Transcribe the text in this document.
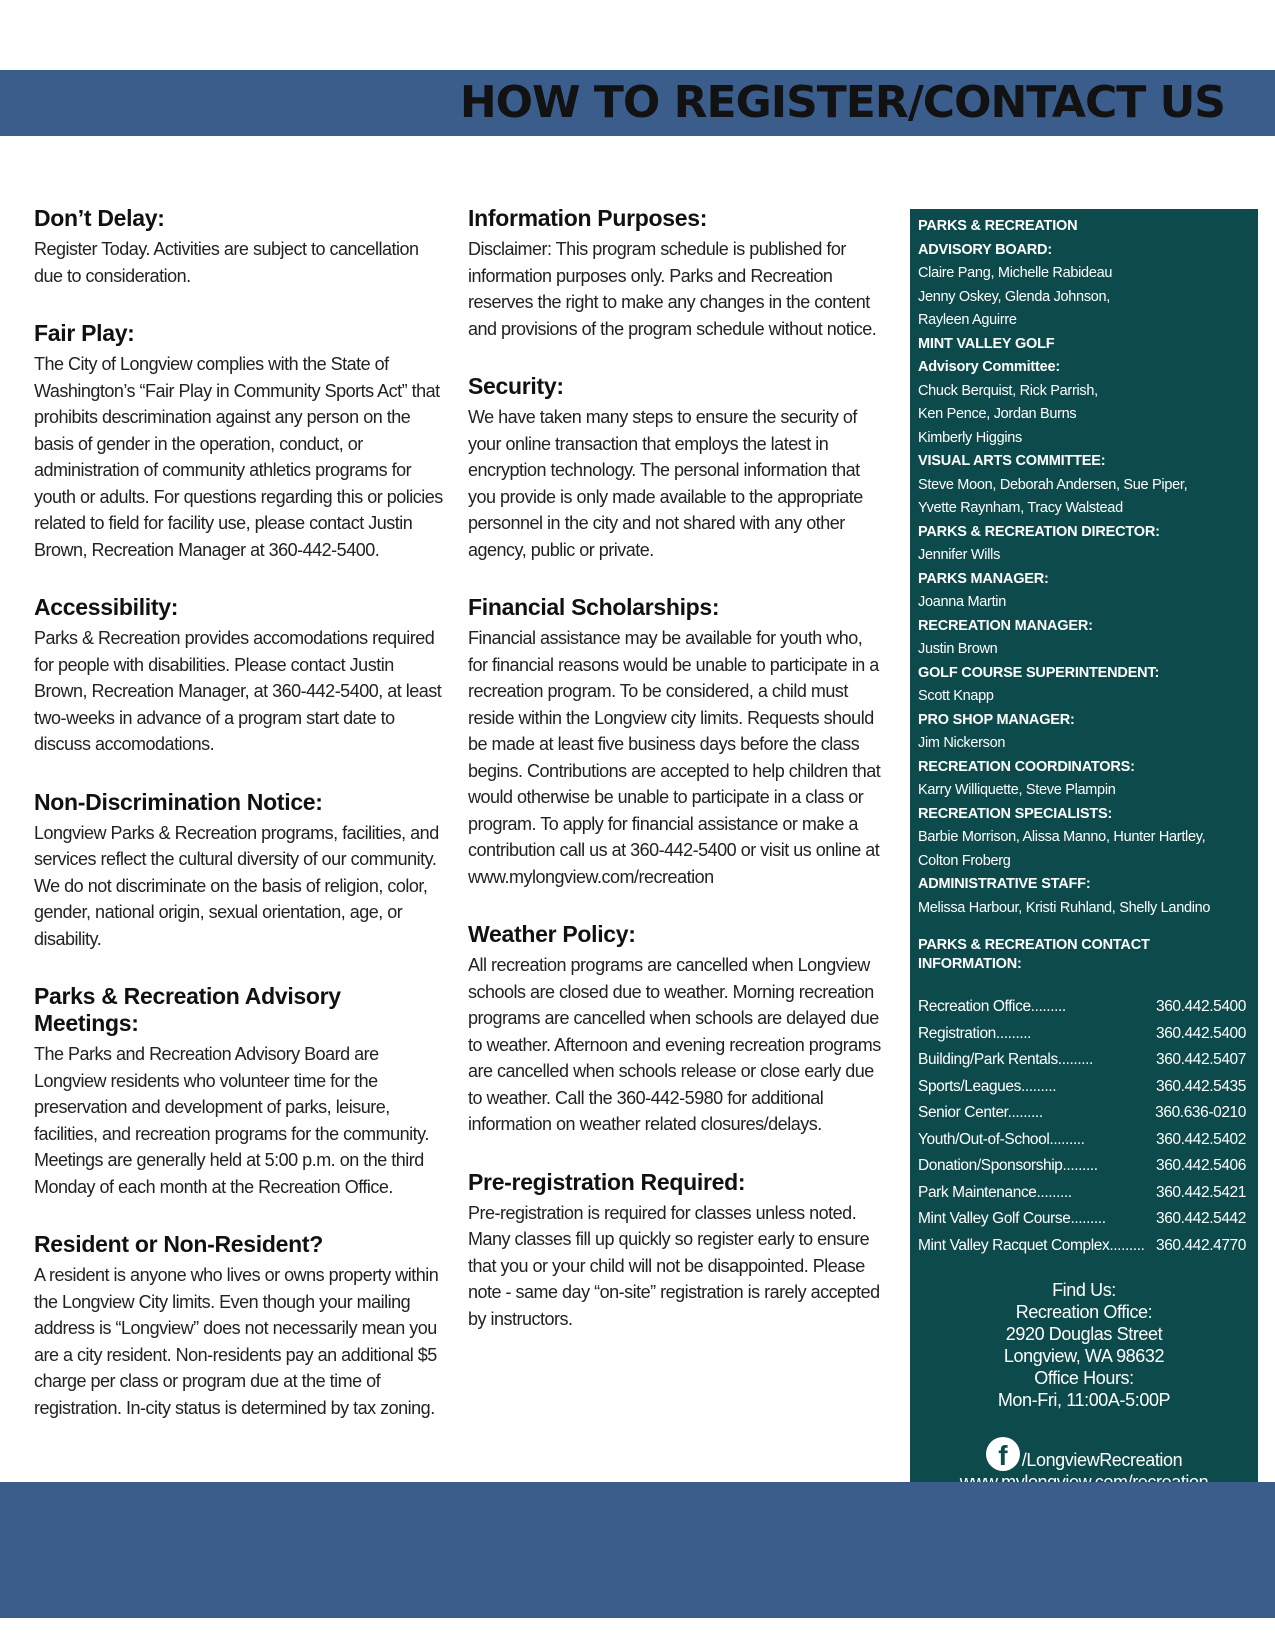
HOW TO REGISTER/CONTACT US
Don’t Delay:

Register Today. Activities are subject to cancellation due to consideration.

Fair Play:

The City of Longview complies with the State of Washington’s “Fair Play in Community Sports Act” that prohibits descrimination against any person on the basis of gender in the operation, conduct, or administration of community athletics programs for youth or adults. For questions regarding this or policies related to field for facility use, please contact Justin Brown, Recreation Manager at 360-442-5400.

Accessibility:

Parks & Recreation provides accomodations required for people with disabilities. Please contact Justin Brown, Recreation Manager, at 360-442-5400, at least two-weeks in advance of a program start date to discuss accomodations.

Non-Discrimination Notice:

Longview Parks & Recreation programs, facilities, and services reflect the cultural diversity of our community. We do not discriminate on the basis of religion, color, gender, national origin, sexual orientation, age, or disability.

Parks & Recreation Advisory Meetings:

The Parks and Recreation Advisory Board are Longview residents who volunteer time for the preservation and development of parks, leisure, facilities, and recreation programs for the community. Meetings are generally held at 5:00 p.m. on the third Monday of each month at the Recreation Office.

Resident or Non-Resident?

A resident is anyone who lives or owns property within the Longview City limits. Even though your mailing address is “Longview” does not necessarily mean you are a city resident. Non-residents pay an additional $5 charge per class or program due at the time of registration. In-city status is determined by tax zoning.

Information Purposes:

Disclaimer: This program schedule is published for information purposes only. Parks and Recreation reserves the right to make any changes in the content and provisions of the program schedule without notice.

Security:

We have taken many steps to ensure the security of your online transaction that employs the latest in encryption technology. The personal information that you provide is only made available to the appropriate personnel in the city and not shared with any other agency, public or private.

Financial Scholarships:

Financial assistance may be available for youth who, for financial reasons would be unable to participate in a recreation program. To be considered, a child must reside within the Longview city limits. Requests should be made at least five business days before the class begins. Contributions are accepted to help children that would otherwise be unable to participate in a class or program. To apply for financial assistance or make a contribution call us at 360-442-5400 or visit us online at www.mylongview.com/recreation

Weather Policy:

All recreation programs are cancelled when Longview schools are closed due to weather. Morning recreation programs are cancelled when schools are delayed due to weather. Afternoon and evening recreation programs are cancelled when schools release or close early due to weather. Call the 360-442-5980 for additional information on weather related closures/delays.

Pre-registration Required:

Pre-registration is required for classes unless noted. Many classes fill up quickly so register early to ensure that you or your child will not be disappointed. Please note - same day “on-site” registration is rarely accepted by instructors.

PARKS & RECREATION
ADVISORY BOARD:
Claire Pang, Michelle Rabideau
Jenny Oskey, Glenda Johnson,
Rayleen Aguirre
MINT VALLEY GOLF
Advisory Committee:
Chuck Berquist, Rick Parrish,
Ken Pence, Jordan Burns
Kimberly Higgins
VISUAL ARTS COMMITTEE:
Steve Moon, Deborah Andersen, Sue Piper,
Yvette Raynham, Tracy Walstead
PARKS & RECREATION DIRECTOR:
Jennifer Wills
PARKS MANAGER:
Joanna Martin
RECREATION MANAGER:
Justin Brown
GOLF COURSE SUPERINTENDENT:
Scott Knapp
PRO SHOP MANAGER:
Jim Nickerson
RECREATION COORDINATORS:
Karry Williquette, Steve Plampin
RECREATION SPECIALISTS:
Barbie Morrison, Alissa Manno, Hunter Hartley,
Colton Froberg
ADMINISTRATIVE STAFF:
Melissa Harbour, Kristi Ruhland, Shelly Landino
PARKS & RECREATION CONTACT INFORMATION:
Recreation Office.........	360.442.5400
Registration.........	360.442.5400
Building/Park Rentals.........	360.442.5407
Sports/Leagues.........	360.442.5435
Senior Center.........	360.636-0210
Youth/Out-of-School.........	360.442.5402
Donation/Sponsorship.........	360.442.5406
Park Maintenance.........	360.442.5421
Mint Valley Golf Course.........	360.442.5442
Mint Valley Racquet Complex......... 360.442.4770
Find Us:
Recreation Office:
2920 Douglas Street
Longview, WA 98632
Office Hours:
Mon-Fri, 11:00A-5:00P
f /LongviewRecreation
